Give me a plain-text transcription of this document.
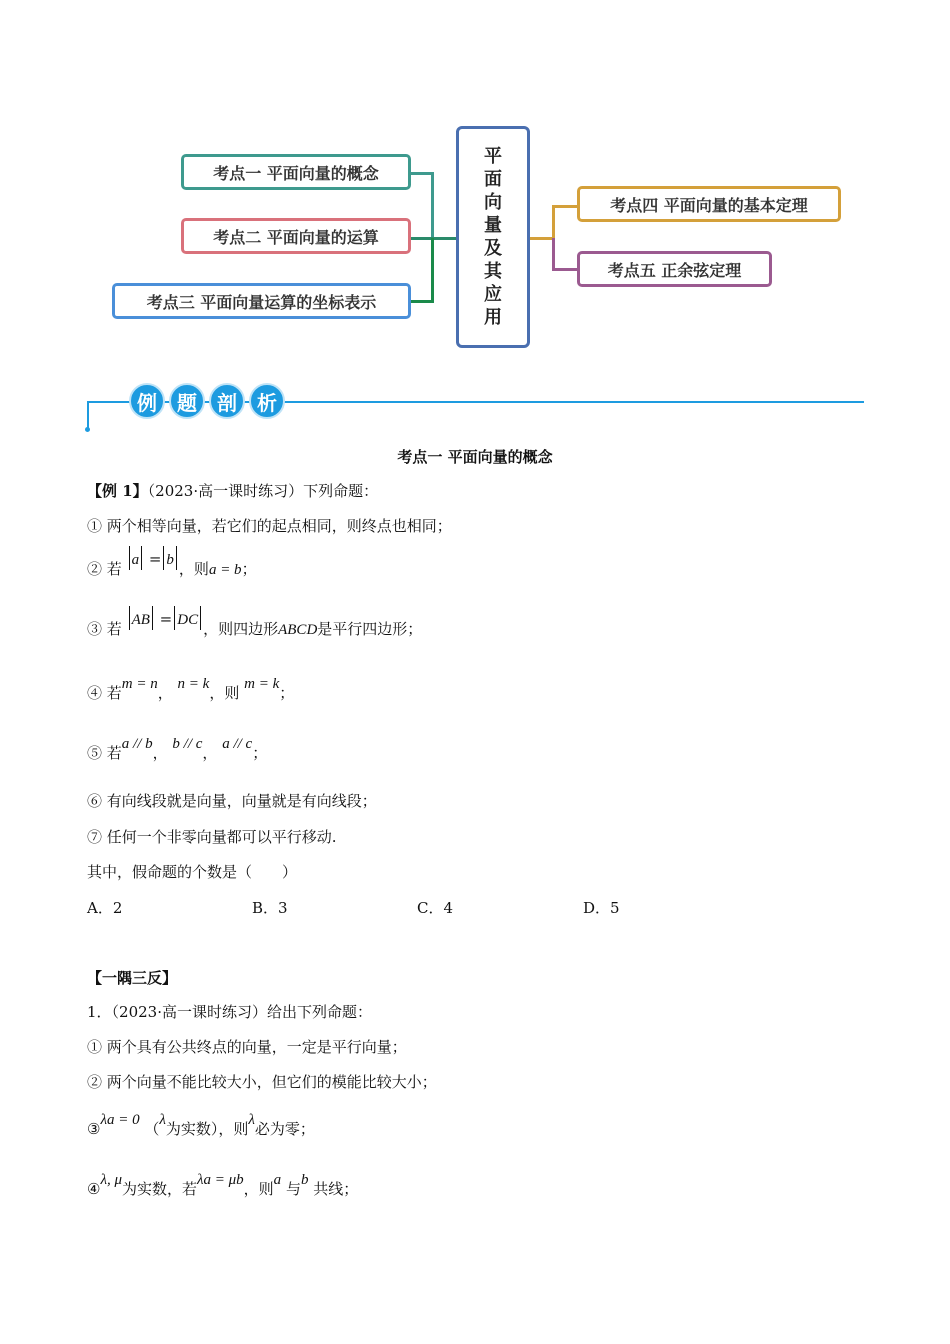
考点一 平面向量的概念
考点二 平面向量的运算
考点三 平面向量运算的坐标表示
平
面
向
量
及
其
应
用
考点四 平面向量的基本定理
考点五 正余弦定理
例	题	剖	析
考点一 平面向量的概念
【例 1】（2023·高一课时练习）下列命题：
① 两个相等向量，若它们的起点相同，则终点也相同；
② 若 a = b ，则a = b；
③ 若 AB = DC ，则四边形ABCD是平行四边形；
④ 若m = n， n = k，则 m = k；
⑤ 若a // b， b // c， a // c；
⑥ 有向线段就是向量，向量就是有向线段；
⑦ 任何一个非零向量都可以平行移动.
其中，假命题的个数是（　　）
A．2	B．3	C．4	D．5
【一隅三反】
1．（2023·高一课时练习）给出下列命题：
① 两个具有公共终点的向量，一定是平行向量；
② 两个向量不能比较大小，但它们的模能比较大小；
③λa = 0 （λ为实数），则λ必为零；
④λ, μ为实数，若λa = μb，则a 与b 共线；
